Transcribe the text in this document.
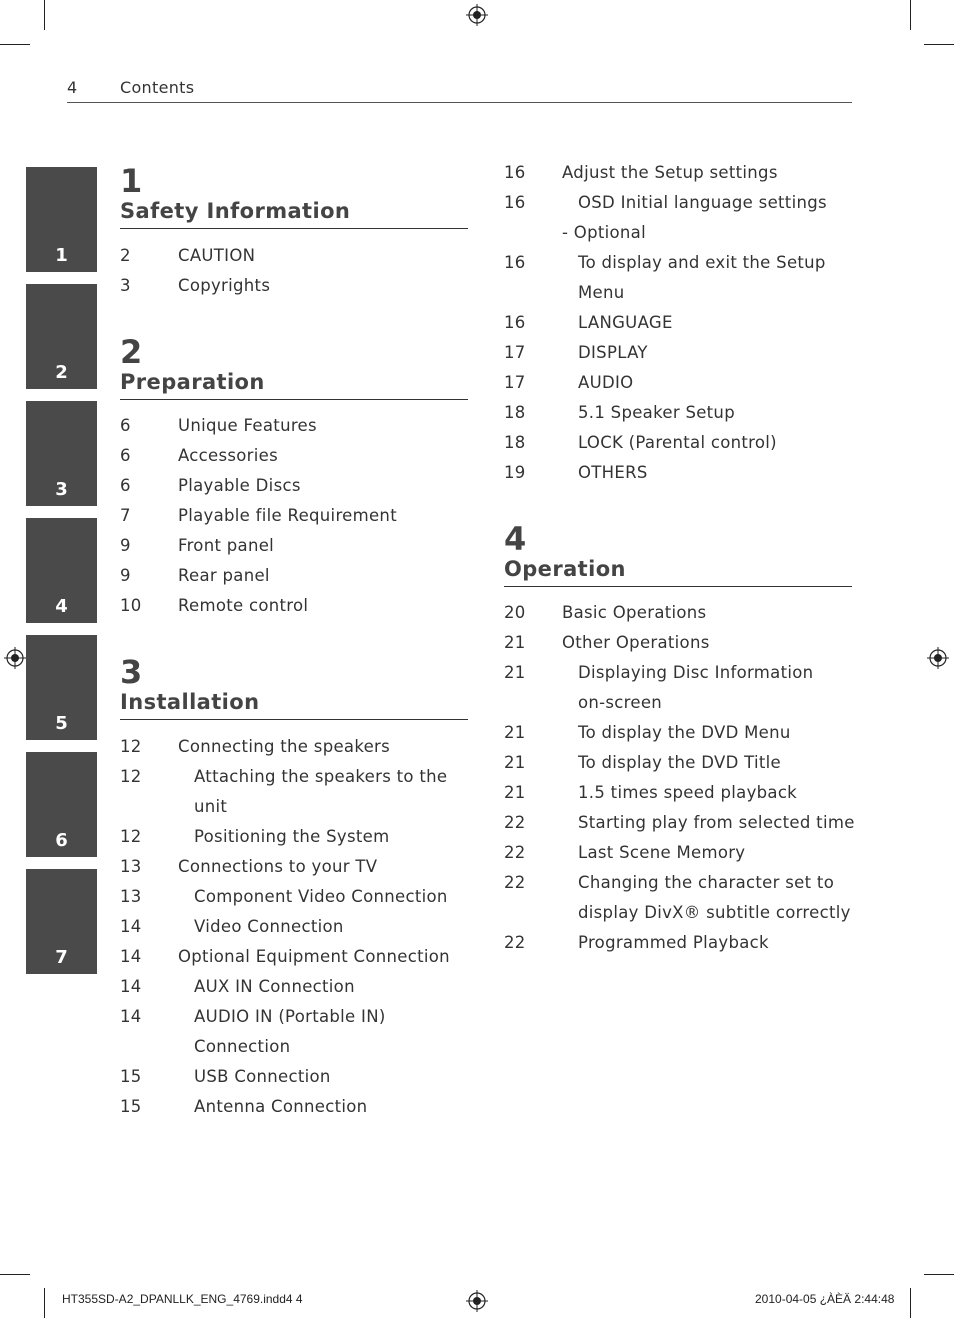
4	Contents
1
2
3
4
5
6
7
1
Safety Information
2	CAUTION
3	Copyrights
2
Preparation
6	Unique Features
6	Accessories
6	Playable Discs
7	Playable file Requirement
9	Front panel
9	Rear panel
10 Remote control
3
Installation
12 Connecting the speakers
12	Attaching the speakers to the
unit
12	Positioning the System
13 Connections to your TV
13	Component Video Connection
14	Video Connection
14 Optional Equipment Connection
14	AUX IN Connection
14	AUDIO IN (Portable IN)
Connection
15	USB Connection
15	Antenna Connection
16 Adjust the Setup settings
16	OSD Initial language settings
- Optional
16	To display and exit the Setup
Menu
16	LANGUAGE
17	DISPLAY
17	AUDIO
18	5.1 Speaker Setup
18	LOCK (Parental control)
19	OTHERS
4
Operation
20 Basic Operations
21 Other Operations
21	Displaying Disc Information
on-screen
21	To display the DVD Menu
21	To display the DVD Title
21	1.5 times speed playback
22	Starting play from selected time
22	Last Scene Memory
22	Changing the character set to
display DivX® subtitle correctly
22	Programmed Playback
HT355SD-A2_DPANLLK_ENG_4769.indd4 4	2010-04-05 ¿ÀÈÄ 2:44:48
